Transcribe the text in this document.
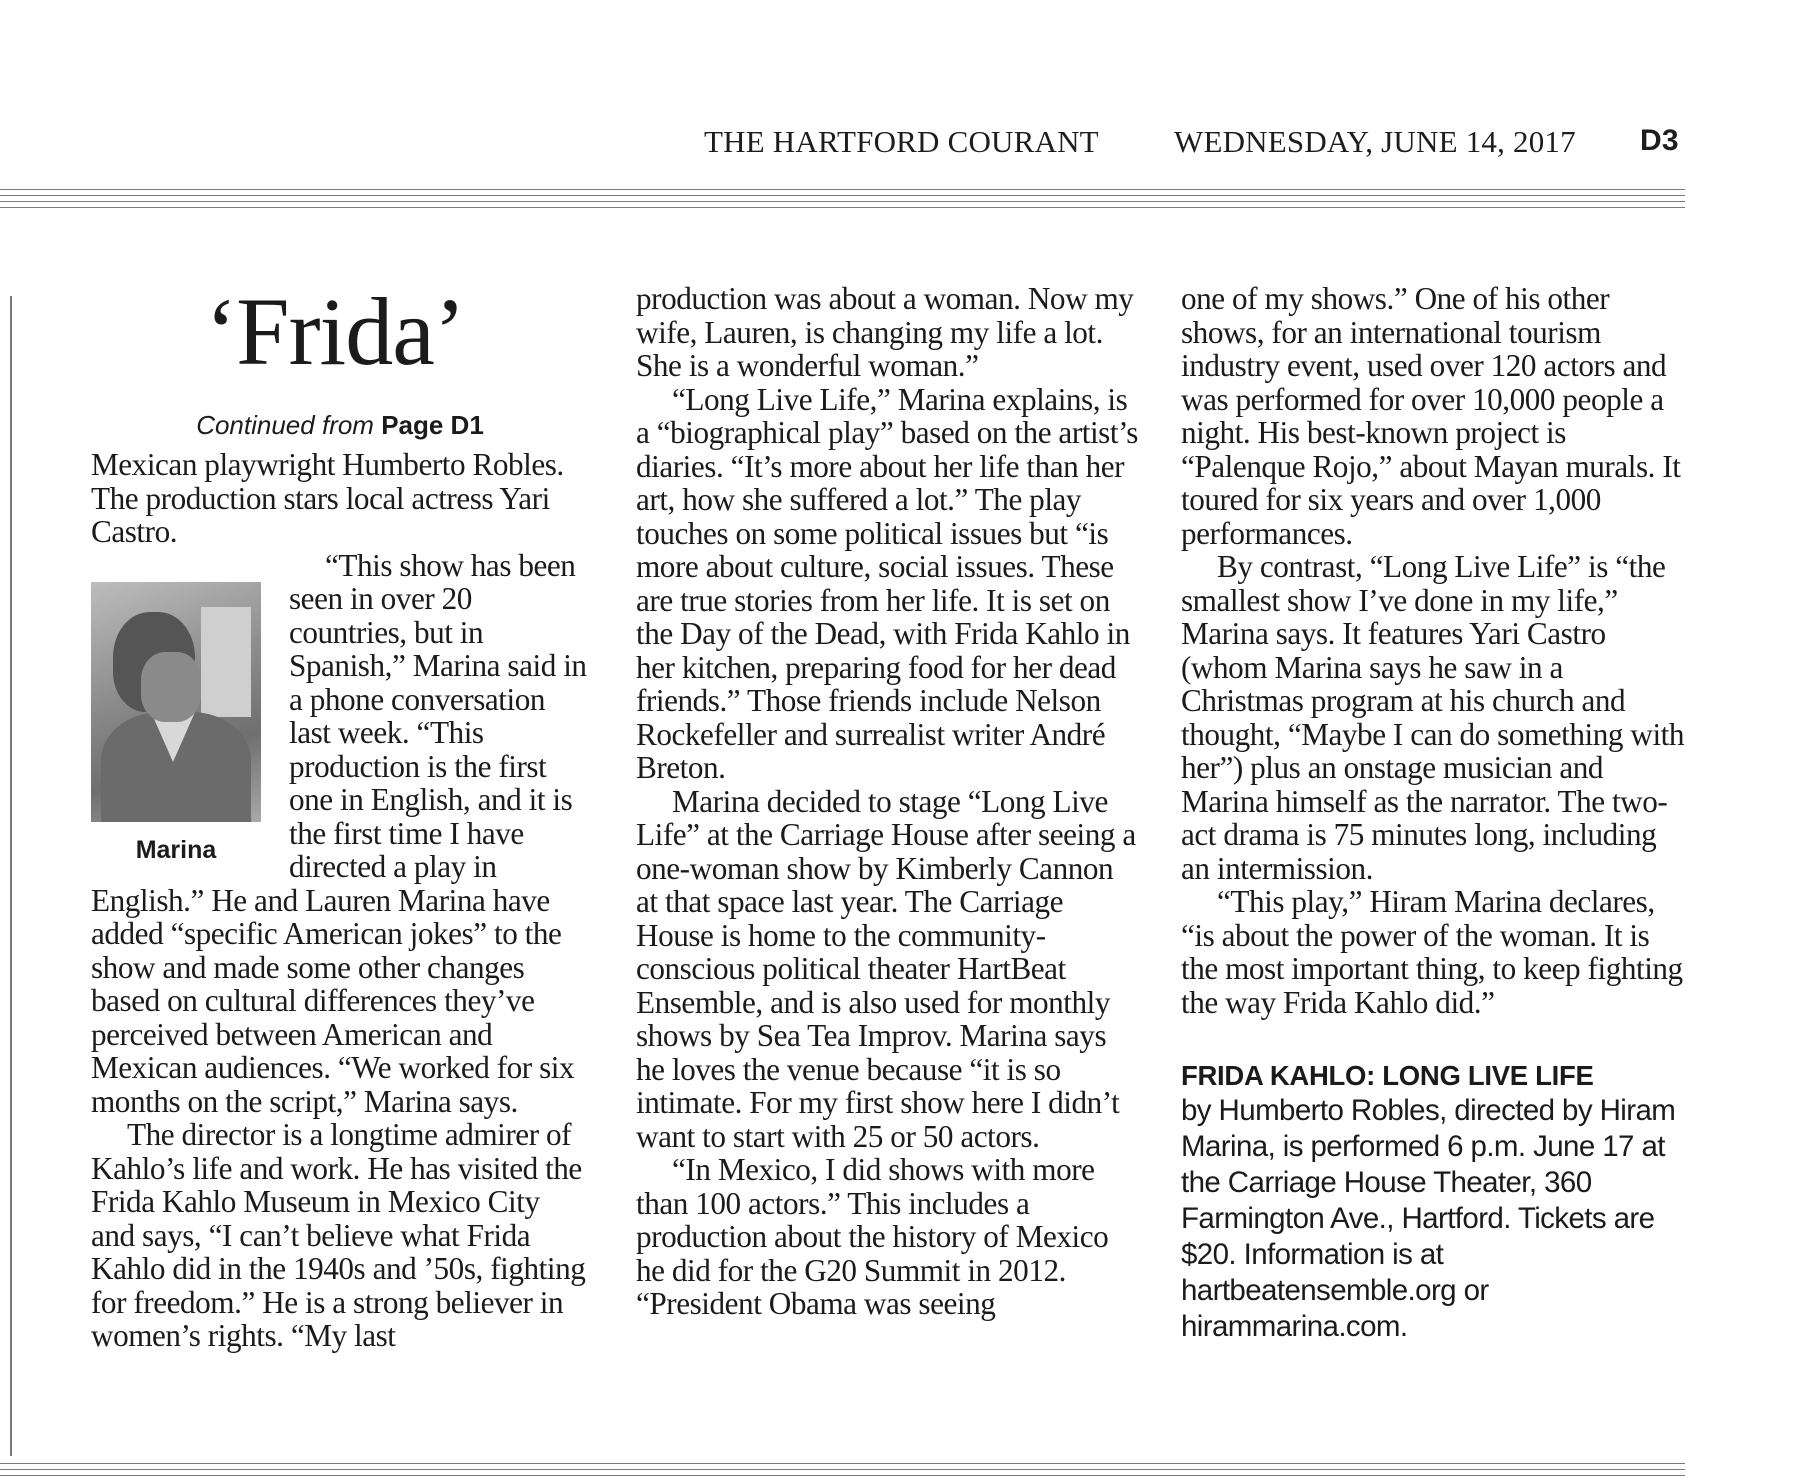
THE HARTFORD COURANT WEDNESDAY, JUNE 14, 2017 D3
‘Frida’
Continued from Page D1

Mexican playwright Humberto Robles. The production stars local actress Yari Castro.

Marina

“This show has been seen in over 20 countries, but in Spanish,” Marina said in a phone conversation last week. “This production is the first one in English, and it is the first time I have directed a play in English.” He and Lauren Marina have added “specific American jokes” to the show and made some other changes based on cultural differences they’ve perceived between American and Mexican audiences. “We worked for six months on the script,” Marina says.

The director is a longtime admirer of Kahlo’s life and work. He has visited the Frida Kahlo Museum in Mexico City and says, “I can’t believe what Frida Kahlo did in the 1940s and ’50s, fighting for freedom.” He is a strong believer in women’s rights. “My last

production was about a woman. Now my wife, Lauren, is changing my life a lot. She is a wonderful woman.”

“Long Live Life,” Marina explains, is a “biographical play” based on the artist’s diaries. “It’s more about her life than her art, how she suffered a lot.” The play touches on some political issues but “is more about culture, social issues. These are true stories from her life. It is set on the Day of the Dead, with Frida Kahlo in her kitchen, preparing food for her dead friends.” Those friends include Nelson Rockefeller and surrealist writer André Breton.

Marina decided to stage “Long Live Life” at the Carriage House after seeing a one-woman show by Kimberly Cannon at that space last year. The Carriage House is home to the community-conscious political theater HartBeat Ensemble, and is also used for monthly shows by Sea Tea Improv. Marina says he loves the venue because “it is so intimate. For my first show here I didn’t want to start with 25 or 50 actors.

“In Mexico, I did shows with more than 100 actors.” This includes a production about the history of Mexico he did for the G20 Summit in 2012. “President Obama was seeing

one of my shows.” One of his other shows, for an international tourism industry event, used over 120 actors and was performed for over 10,000 people a night. His best-known project is “Palenque Rojo,” about Mayan murals. It toured for six years and over 1,000 performances.

By contrast, “Long Live Life” is “the smallest show I’ve done in my life,” Marina says. It features Yari Castro (whom Marina says he saw in a Christmas program at his church and thought, “Maybe I can do something with her”) plus an onstage musician and Marina himself as the narrator. The two-act drama is 75 minutes long, including an intermission.

“This play,” Hiram Marina declares, “is about the power of the woman. It is the most important thing, to keep fighting the way Frida Kahlo did.”

FRIDA KAHLO: LONG LIVE LIFE
by Humberto Robles, directed by Hiram Marina, is performed 6 p.m. June 17 at the Carriage House Theater, 360 Farmington Ave., Hartford. Tickets are $20. Information is at hartbeatensemble.org or hirammarina.com.
